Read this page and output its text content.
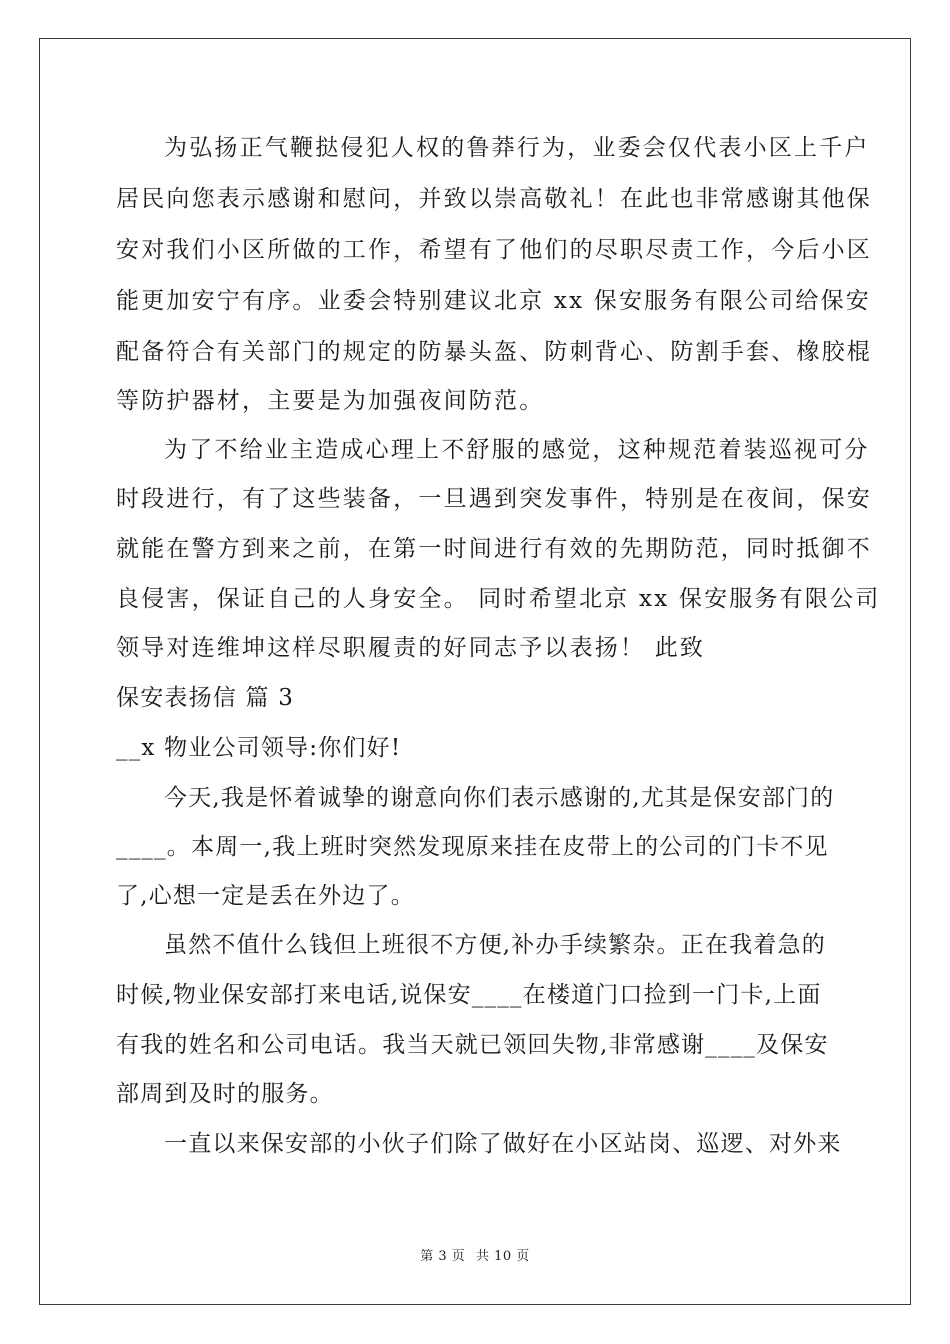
为弘扬正气鞭挞侵犯人权的鲁莽行为，业委会仅代表小区上千户
居民向您表示感谢和慰问，并致以崇高敬礼！在此也非常感谢其他保
安对我们小区所做的工作，希望有了他们的尽职尽责工作，今后小区
能更加安宁有序。业委会特别建议北京 xx 保安服务有限公司给保安
配备符合有关部门的规定的防暴头盔、防刺背心、防割手套、橡胶棍
等防护器材，主要是为加强夜间防范。
为了不给业主造成心理上不舒服的感觉，这种规范着装巡视可分
时段进行，有了这些装备，一旦遇到突发事件，特别是在夜间，保安
就能在警方到来之前，在第一时间进行有效的先期防范，同时抵御不
良侵害，保证自己的人身安全。 同时希望北京 xx 保安服务有限公司
领导对连维坤这样尽职履责的好同志予以表扬！ 此致
保安表扬信 篇 3
__x 物业公司领导:你们好!
今天,我是怀着诚挚的谢意向你们表示感谢的,尤其是保安部门的
____。本周一,我上班时突然发现原来挂在皮带上的公司的门卡不见
了,心想一定是丢在外边了。
虽然不值什么钱但上班很不方便,补办手续繁杂。正在我着急的
时候,物业保安部打来电话,说保安____在楼道门口捡到一门卡,上面
有我的姓名和公司电话。我当天就已领回失物,非常感谢____及保安
部周到及时的服务。
一直以来保安部的小伙子们除了做好在小区站岗、巡逻、对外来
第 3 页 共 10 页
